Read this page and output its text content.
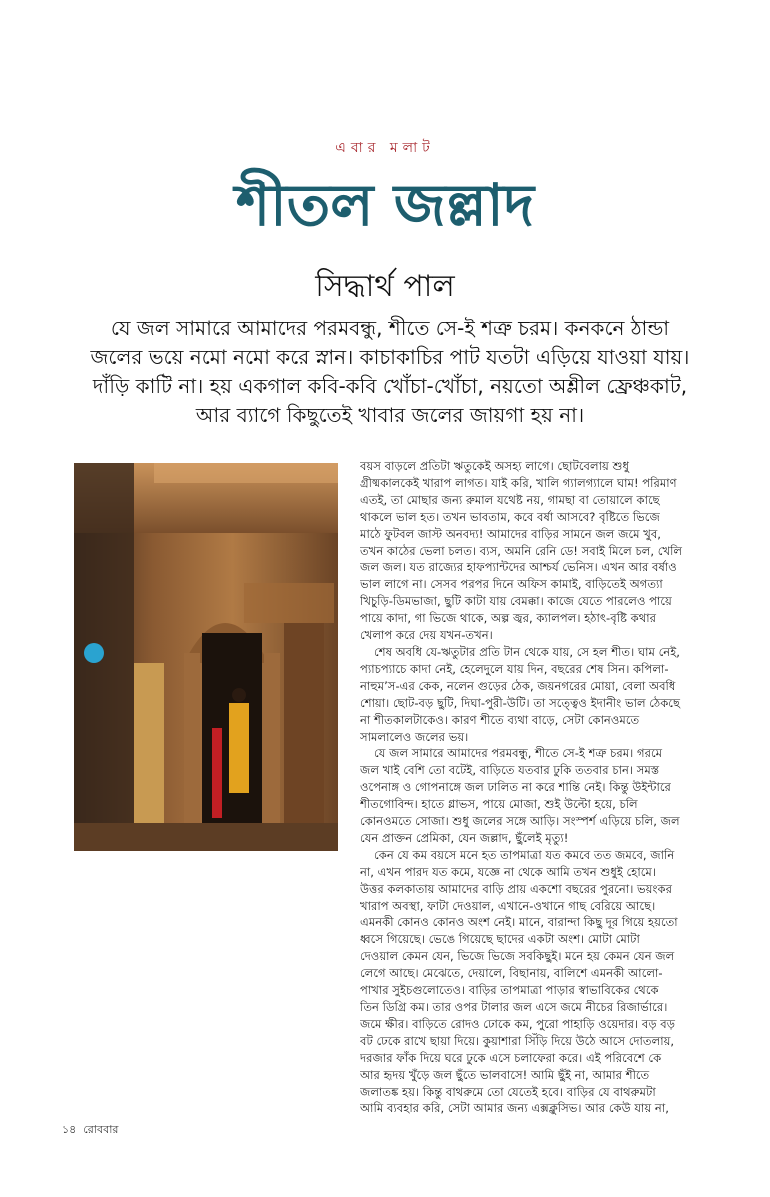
এবার মলাট
শীতল জল্লাদ
সিদ্ধার্থ পাল
যে জল সামারে আমাদের পরমবন্ধু, শীতে সে-ই শত্রু চরম। কনকনে ঠান্ডা
জলের ভয়ে নমো নমো করে স্নান। কাচাকাচির পাট যতটা এড়িয়ে যাওয়া যায়।
দাঁড়ি কাটি না। হয় একগাল কবি-কবি খোঁচা-খোঁচা, নয়তো অশ্লীল ফ্রেঞ্চকাট,
আর ব্যাগে কিছুতেই খাবার জলের জায়গা হয় না।
বয়স বাড়লে প্রতিটা ঋতুকেই অসহ্য লাগে। ছোটবেলায় শুধু
গ্রীষ্মকালকেই খারাপ লাগত। যাই করি, খালি গ্যালগ্যালে ঘাম! পরিমাণ
এতই, তা মোছার জন্য রুমাল যথেষ্ট নয়, গামছা বা তোয়ালে কাছে
থাকলে ভাল হত। তখন ভাবতাম, কবে বর্ষা আসবে? বৃষ্টিতে ভিজে
মাঠে ফুটবল জাস্ট অনবদ্য! আমাদের বাড়ির সামনে জল জমে খুব,
তখন কাঠের ভেলা চলত। ব্যস, অমনি রেনি ডে! সবাই মিলে চল, খেলি
জল জল। যত রাজ্যের হাফপ্যান্টদের আশ্চর্য ভেনিস। এখন আর বর্ষাও
ভাল লাগে না। সেসব পরপর দিনে অফিস কামাই, বাড়িতেই অগত্যা
খিচুড়ি-ডিমভাজা, ছুটি কাটা যায় বেমক্কা। কাজে যেতে পারলেও পায়ে
পায়ে কাদা, গা ভিজে থাকে, অল্প জ্বর, ক্যালপল। হঠাৎ-বৃষ্টি কথার
খেলাপ করে দেয় যখন-তখন।
শেষ অবধি যে-ঋতুটার প্রতি টান থেকে যায়, সে হল শীত। ঘাম নেই,
প্যাচপ্যাচে কাদা নেই, হেলেদুলে যায় দিন, বছরের শেষ সিন। কপিলা-
নাহুম’স-এর কেক, নলেন গুড়ের ঠেক, জয়নগরের মোয়া, বেলা অবধি
শোয়া। ছোট-বড় ছুটি, দিঘা-পুরী-উটি। তা সত্ত্বেও ইদানীং ভাল ঠেকছে
না শীতকালটাকেও। কারণ শীতে ব্যথা বাড়ে, সেটা কোনওমতে
সামলালেও জলের ভয়।
যে জল সামারে আমাদের পরমবন্ধু, শীতে সে-ই শত্রু চরম। গরমে
জল খাই বেশি তো বটেই, বাড়িতে যতবার ঢুকি ততবার চান। সমস্ত
ওপেনাঙ্গ ও গোপনাঙ্গে জল ঢালিত না করে শান্তি নেই। কিন্তু উইন্টারে
শীতগোবিন্দ। হাতে গ্লাভস, পায়ে মোজা, শুই উল্টো হয়ে, চলি
কোনওমতে সোজা। শুধু জলের সঙ্গে আড়ি। সংস্পর্শ এড়িয়ে চলি, জল
যেন প্রাক্তন প্রেমিকা, যেন জল্লাদ, ছুঁলেই মৃত্যু!
কেন যে কম বয়সে মনে হত তাপমাত্রা যত কমবে তত জমবে, জানি
না, এখন পারদ যত কমে, যজ্ঞে না থেকে আমি তখন শুধুই হোমে।
উত্তর কলকাতায় আমাদের বাড়ি প্রায় একশো বছরের পুরনো। ভয়ংকর
খারাপ অবস্থা, ফাটা দেওয়াল, এখানে-ওখানে গাছ বেরিয়ে আছে।
এমনকী কোনও কোনও অংশ নেই। মানে, বারান্দা কিছু দূর গিয়ে হয়তো
ধ্বসে গিয়েছে। ভেঙে গিয়েছে ছাদের একটা অংশ। মোটা মোটা
দেওয়াল কেমন যেন, ভিজে ভিজে সবকিছুই। মনে হয় কেমন যেন জল
লেগে আছে। মেঝেতে, দেয়ালে, বিছানায়, বালিশে এমনকী আলো-
পাখার সুইচগুলোতেও। বাড়ির তাপমাত্রা পাড়ার স্বাভাবিকের থেকে
তিন ডিগ্রি কম। তার ওপর টালার জল এসে জমে নীচের রিজার্ভারে।
জমে ক্ষীর। বাড়িতে রোদও ঢোকে কম, পুরো পাহাড়ি ওয়েদার। বড় বড়
বট ঢেকে রাখে ছায়া দিয়ে। কুয়াশারা সিঁড়ি দিয়ে উঠে আসে দোতলায়,
দরজার ফাঁক দিয়ে ঘরে ঢুকে এসে চলাফেরা করে। এই পরিবেশে কে
আর হৃদয় খুঁড়ে জল ছুঁতে ভালবাসে! আমি ছুঁই না, আমার শীতে
জলাতঙ্ক হয়। কিন্তু বাথরুমে তো যেতেই হবে। বাড়ির যে বাথরুমটা
আমি ব্যবহার করি, সেটা আমার জন্য এক্সক্লুসিভ। আর কেউ যায় না,
১৪ রোববার
